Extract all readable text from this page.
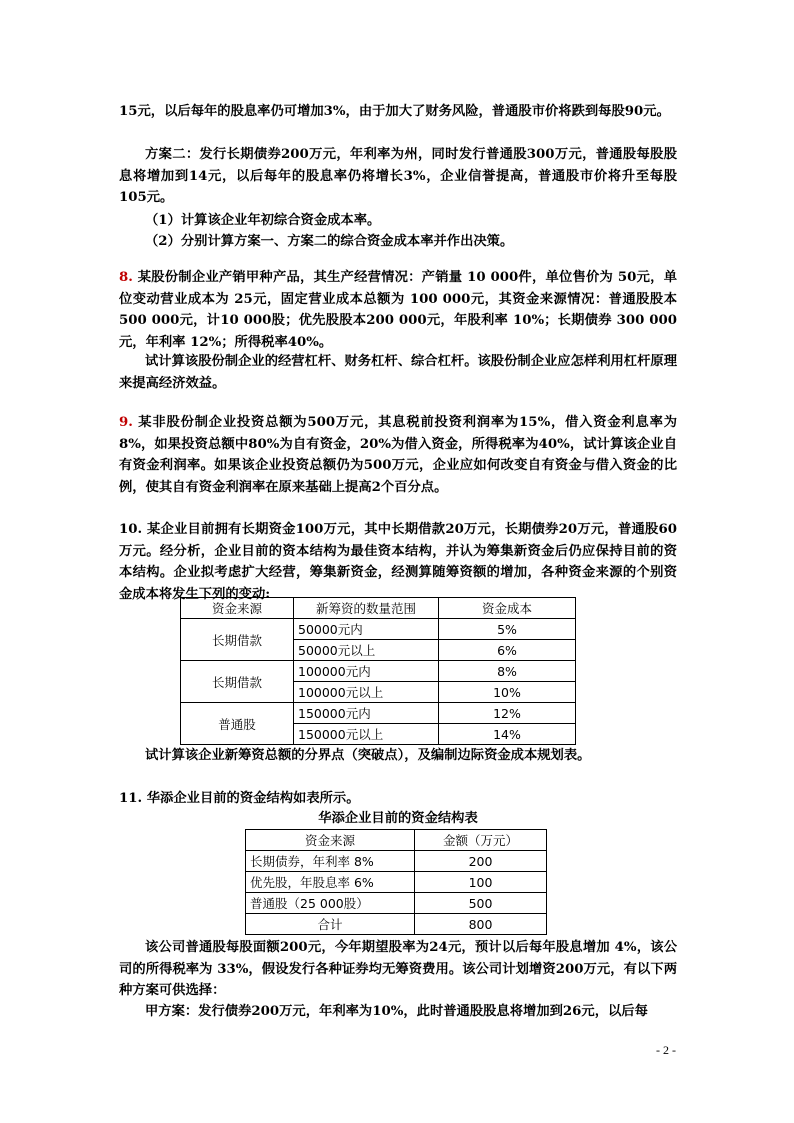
15元，以后每年的股息率仍可增加3%，由于加大了财务风险，普通股市价将跌到每股90元。

方案二：发行长期债券200万元，年利率为州，同时发行普通股300万元，普通股每股股息将增加到14元，以后每年的股息率仍将增长3%，企业信誉提高，普通股市价将升至每股105元。

（1）计算该企业年初综合资金成本率。

（2）分别计算方案一、方案二的综合资金成本率并作出决策。

8. 某股份制企业产销甲种产品，其生产经营情况：产销量 10 000件，单位售价为 50元，单位变动营业成本为 25元，固定营业成本总额为 100 000元，其资金来源情况：普通股股本500 000元，计10 000股；优先股股本200 000元，年股利率 10%；长期债券 300 000元，年利率 12%；所得税率40%。

试计算该股份制企业的经营杠杆、财务杠杆、综合杠杆。该股份制企业应怎样利用杠杆原理来提高经济效益。

9. 某非股份制企业投资总额为500万元，其息税前投资利润率为15%，借入资金利息率为8%，如果投资总额中80%为自有资金，20%为借入资金，所得税率为40%，试计算该企业自有资金利润率。如果该企业投资总额仍为500万元，企业应如何改变自有资金与借入资金的比例，使其自有资金利润率在原来基础上提高2个百分点。

10. 某企业目前拥有长期资金100万元，其中长期借款20万元，长期债券20万元，普通股60万元。经分析，企业目前的资本结构为最佳资本结构，并认为筹集新资金后仍应保持目前的资本结构。企业拟考虑扩大经营，筹集新资金，经测算随筹资额的增加，各种资金来源的个别资金成本将发生下列的变动:

资金来源	新筹资的数量范围	资金成本
长期借款	50000元内	5%
	50000元以上	6%
长期借款	100000元内	8%
	100000元以上	10%
普通股	150000元内	12%
	150000元以上	14%

试计算该企业新筹资总额的分界点（突破点），及编制边际资金成本规划表。

11. 华添企业目前的资金结构如表所示。

华添企业目前的资金结构表
资金来源	金额（万元）
长期债券，年利率 8%	200
优先股，年股息率 6%	100
普通股（25 000股）	500
合计	800

该公司普通股每股面额200元，今年期望股率为24元，预计以后每年股息增加 4%，该公司的所得税率为 33%，假设发行各种证券均无筹资费用。该公司计划增资200万元，有以下两种方案可供选择：

甲方案：发行债券200万元，年利率为10%，此时普通股股息将增加到26元，以后每

- 2 -
